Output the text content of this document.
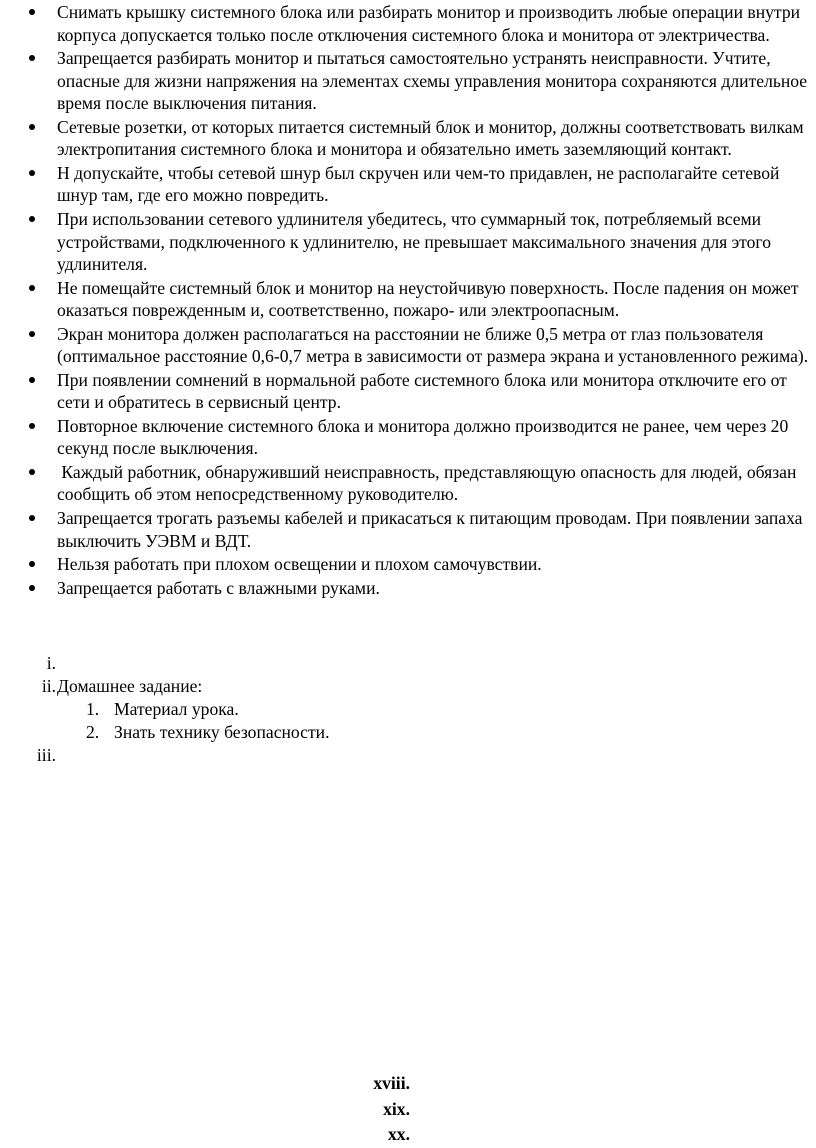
Снимать крышку системного блока или разбирать монитор и производить любые операции внутри корпуса допускается только после отключения системного блока и монитора от электричества.
Запрещается разбирать монитор и пытаться самостоятельно устранять неисправности. Учтите, опасные для жизни напряжения на элементах схемы управления монитора сохраняются длительное время после выключения питания.
Сетевые розетки, от которых питается системный блок и монитор, должны соответствовать вилкам электропитания системного блока и монитора и обязательно иметь заземляющий контакт.
Н допускайте, чтобы сетевой шнур был скручен или чем-то придавлен, не располагайте сетевой шнур там, где его можно повредить.
При использовании сетевого удлинителя убедитесь, что суммарный ток, потребляемый всеми устройствами, подключенного к удлинителю, не превышает максимального значения для этого удлинителя.
Не помещайте системный блок и монитор на неустойчивую поверхность. После падения он может оказаться поврежденным и, соответственно, пожаро- или электроопасным.
Экран монитора должен располагаться на расстоянии не ближе 0,5 метра от глаз пользователя (оптимальное расстояние 0,6-0,7 метра в зависимости от размера экрана и установленного режима).
При появлении сомнений в нормальной работе системного блока или монитора отключите его от сети и обратитесь в сервисный центр.
Повторное включение системного блока и монитора должно производится не ранее, чем через 20 секунд после выключения.
Каждый работник, обнаруживший неисправность, представляющую опасность для людей, обязан сообщить об этом непосредственному руководителю.
Запрещается трогать разъемы кабелей и прикасаться к питающим проводам. При появлении запаха выключить УЭВМ и ВДТ.
Нельзя работать при плохом освещении и плохом самочувствии.
Запрещается работать с влажными руками.
i.
ii. Домашнее задание:
1. Материал урока.
2. Знать технику безопасности.
iii.
xviii.
xix.
xx.
